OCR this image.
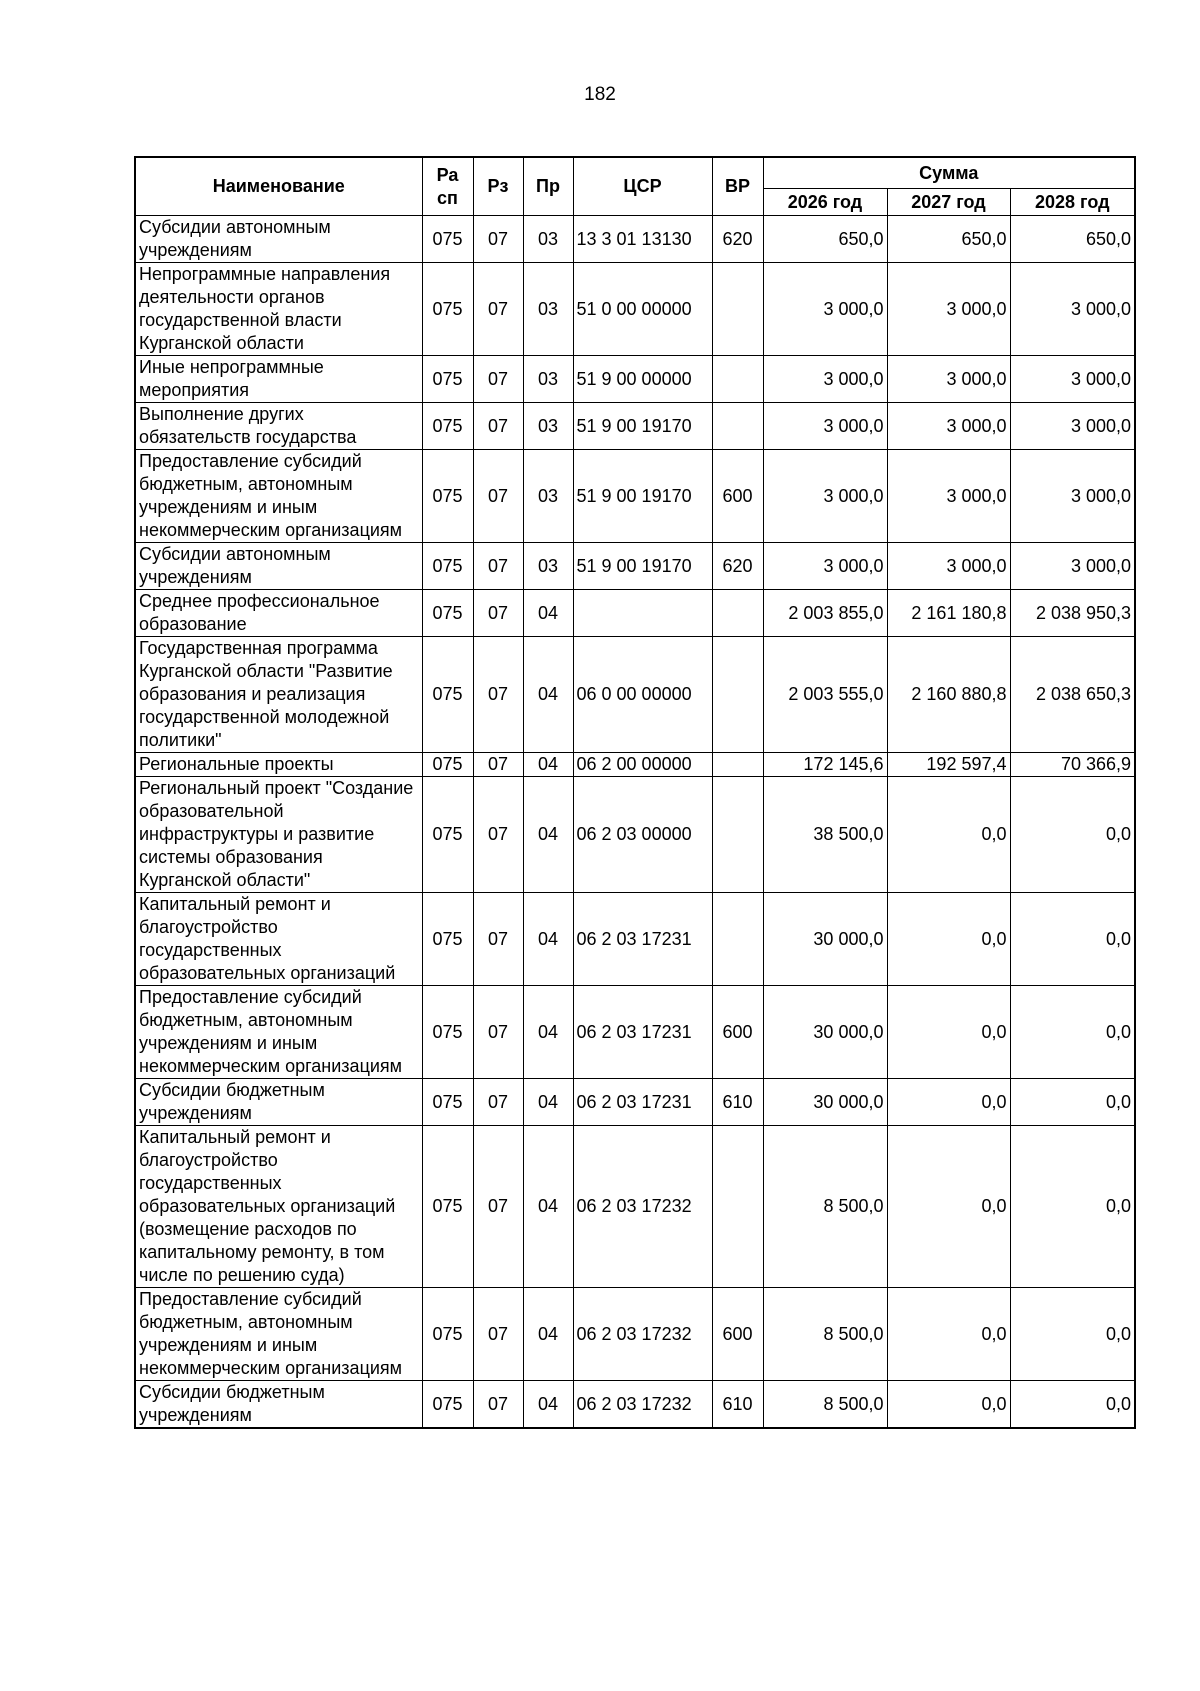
182
Наименование	Ра сп	Рз	Пр	ЦСР	ВР	Сумма		
						2026 год	2027 год	2028 год
Субсидии автономным учреждениям	075	07	03	13 3 01 13130	620	650,0	650,0	650,0
Непрограммные направления деятельности органов государственной власти Курганской области	075	07	03	51 0 00 00000		3 000,0	3 000,0	3 000,0
Иные непрограммные мероприятия	075	07	03	51 9 00 00000		3 000,0	3 000,0	3 000,0
Выполнение других обязательств государства	075	07	03	51 9 00 19170		3 000,0	3 000,0	3 000,0
Предоставление субсидий бюджетным, автономным учреждениям и иным некоммерческим организациям	075	07	03	51 9 00 19170	600	3 000,0	3 000,0	3 000,0
Субсидии автономным учреждениям	075	07	03	51 9 00 19170	620	3 000,0	3 000,0	3 000,0
Среднее профессиональное образование	075	07	04			2 003 855,0	2 161 180,8	2 038 950,3
Государственная программа Курганской области "Развитие образования и реализация государственной молодежной политики"	075	07	04	06 0 00 00000		2 003 555,0	2 160 880,8	2 038 650,3
Региональные проекты	075	07	04	06 2 00 00000		172 145,6	192 597,4	70 366,9
Региональный проект "Создание образовательной инфраструктуры и развитие системы образования Курганской области"	075	07	04	06 2 03 00000		38 500,0	0,0	0,0
Капитальный ремонт и благоустройство государственных образовательных организаций	075	07	04	06 2 03 17231		30 000,0	0,0	0,0
Предоставление субсидий бюджетным, автономным учреждениям и иным некоммерческим организациям	075	07	04	06 2 03 17231	600	30 000,0	0,0	0,0
Субсидии бюджетным учреждениям	075	07	04	06 2 03 17231	610	30 000,0	0,0	0,0
Капитальный ремонт и благоустройство государственных образовательных организаций (возмещение расходов по капитальному ремонту, в том числе по решению суда)	075	07	04	06 2 03 17232		8 500,0	0,0	0,0
Предоставление субсидий бюджетным, автономным учреждениям и иным некоммерческим организациям	075	07	04	06 2 03 17232	600	8 500,0	0,0	0,0
Субсидии бюджетным учреждениям	075	07	04	06 2 03 17232	610	8 500,0	0,0	0,0
